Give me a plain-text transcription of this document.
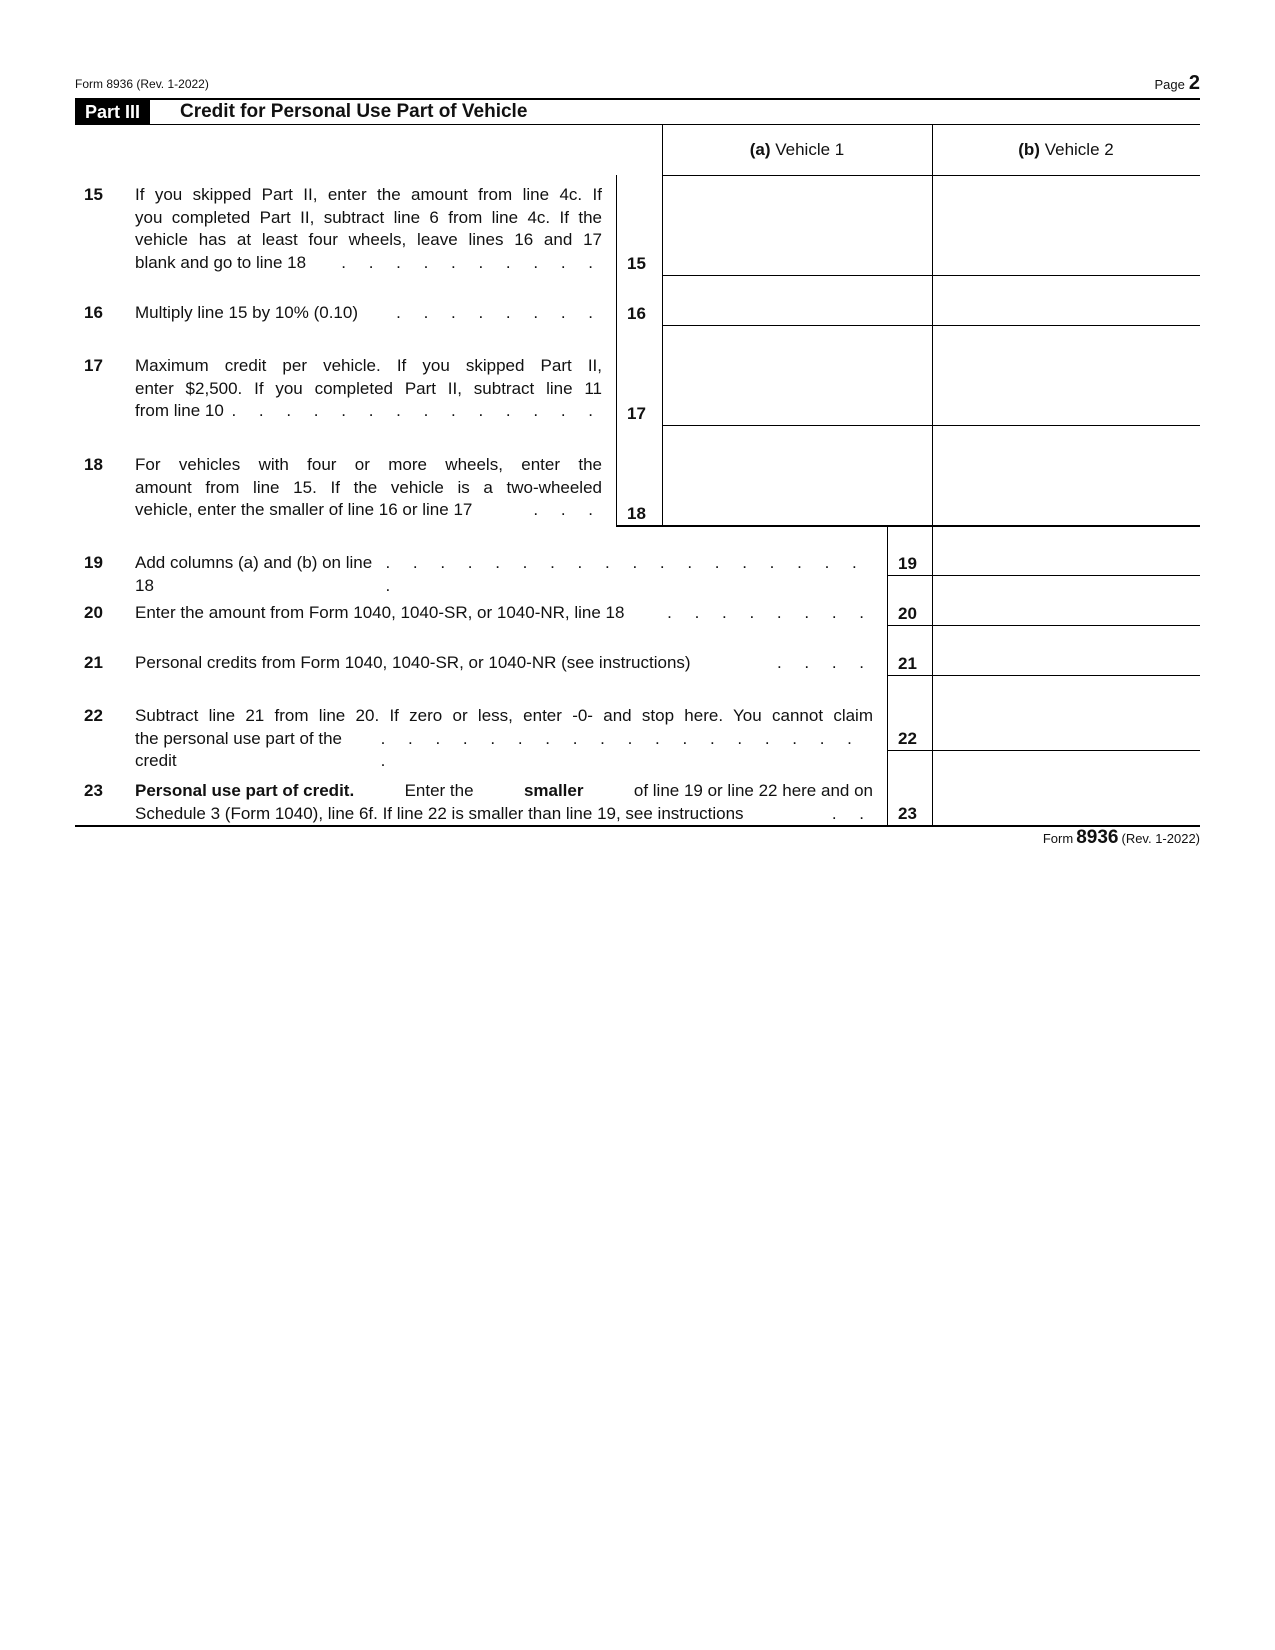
Form 8936 (Rev. 1-2022)	Page 2
Part III	Credit for Personal Use Part of Vehicle
(a) Vehicle 1	(b) Vehicle 2
15 If you skipped Part II, enter the amount from line 4c. If
you completed Part II, subtract line 6 from line 4c. If the
vehicle has at least four wheels, leave lines 16 and 17
blank and go to line 18 . . . . . . . . . . 15
16 Multiply line 15 by 10% (0.10) . . . . . . . . 16
17 Maximum credit per vehicle. If you skipped Part II,
enter $2,500. If you completed Part II, subtract line 11
from line 10 . . . . . . . . . . . . . . 17
18 For vehicles with four or more wheels, enter the
amount from line 15. If the vehicle is a two-wheeled
vehicle, enter the smaller of line 16 or line 17	. . . 18
19 Add columns (a) and (b) on line 18
. . . . . . . . . . . . . . . . . . .
19
20 Enter the amount from Form 1040, 1040-SR, or 1040-NR, line 18	. . . . . . . . 20
21 Personal credits from Form 1040, 1040-SR, or 1040-NR (see instructions)	. . . . 21
22 Subtract line 21 from line 20. If zero or less, enter -0- and stop here. You cannot claim
the personal use part of the credit
. . . . . . . . . . . . . . . . . . .
22
23 Personal use part of credit.	Enter the	smaller	of line 19 or line 22 here and on
Schedule 3 (Form 1040), line 6f. If line 22 is smaller than line 19, see instructions	. . 23
Form 8936 (Rev. 1-2022)
